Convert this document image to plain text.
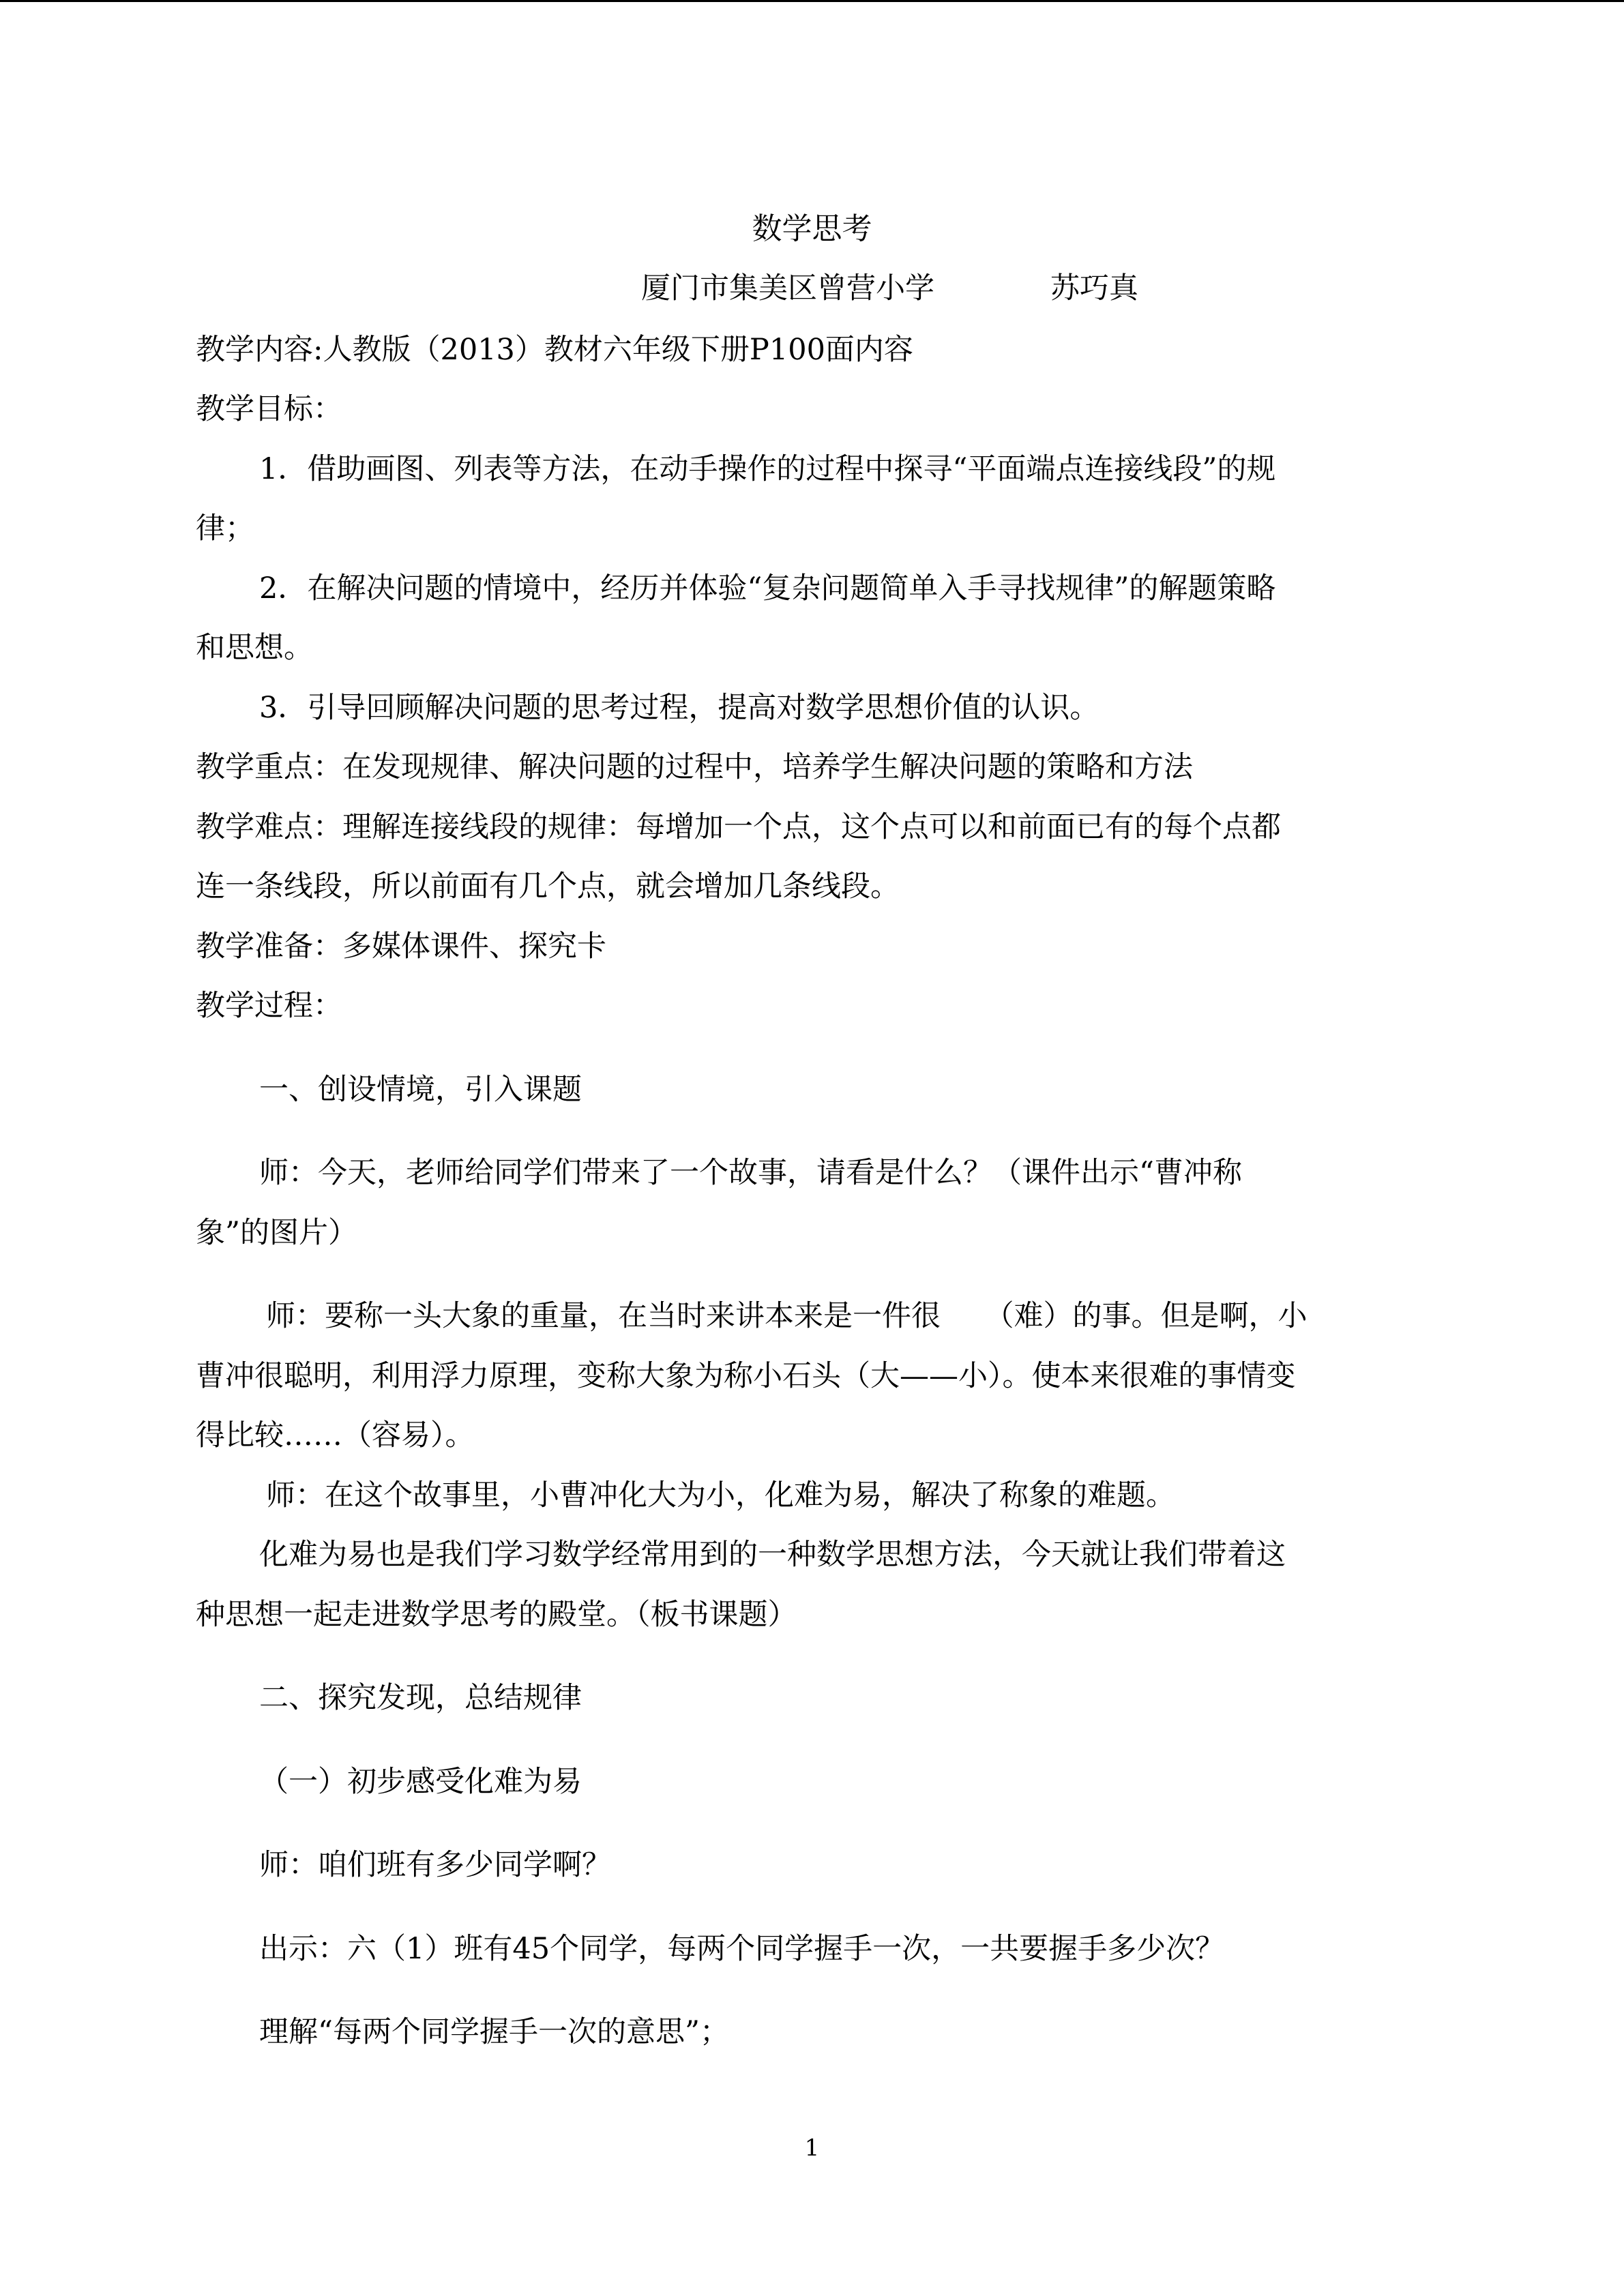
数学思考
厦门市集美区曾营小学	苏巧真
教学内容:人教版（2013）教材六年级下册P100面内容
教学目标：
1．借助画图、列表等方法，在动手操作的过程中探寻“平面端点连接线段”的规
律；
2．在解决问题的情境中，经历并体验“复杂问题简单入手寻找规律”的解题策略
和思想。
3．引导回顾解决问题的思考过程，提高对数学思想价值的认识。
教学重点：在发现规律、解决问题的过程中，培养学生解决问题的策略和方法
教学难点：理解连接线段的规律：每增加一个点，这个点可以和前面已有的每个点都
连一条线段，所以前面有几个点，就会增加几条线段。
教学准备：多媒体课件、探究卡
教学过程：
一、创设情境，引入课题
师：今天，老师给同学们带来了一个故事，请看是什么？（课件出示“曹冲称
象”的图片）
师：要称一头大象的重量，在当时来讲本来是一件很　　（难）的事。但是啊，小
曹冲很聪明，利用浮力原理，变称大象为称小石头（大——小）。使本来很难的事情变
得比较……（容易）。
师：在这个故事里，小曹冲化大为小，化难为易，解决了称象的难题。
化难为易也是我们学习数学经常用到的一种数学思想方法，今天就让我们带着这
种思想一起走进数学思考的殿堂。（板书课题）
二、探究发现，总结规律
（一）初步感受化难为易
师：咱们班有多少同学啊？
出示：六（1）班有45个同学，每两个同学握手一次，一共要握手多少次？
理解“每两个同学握手一次的意思”；
1
